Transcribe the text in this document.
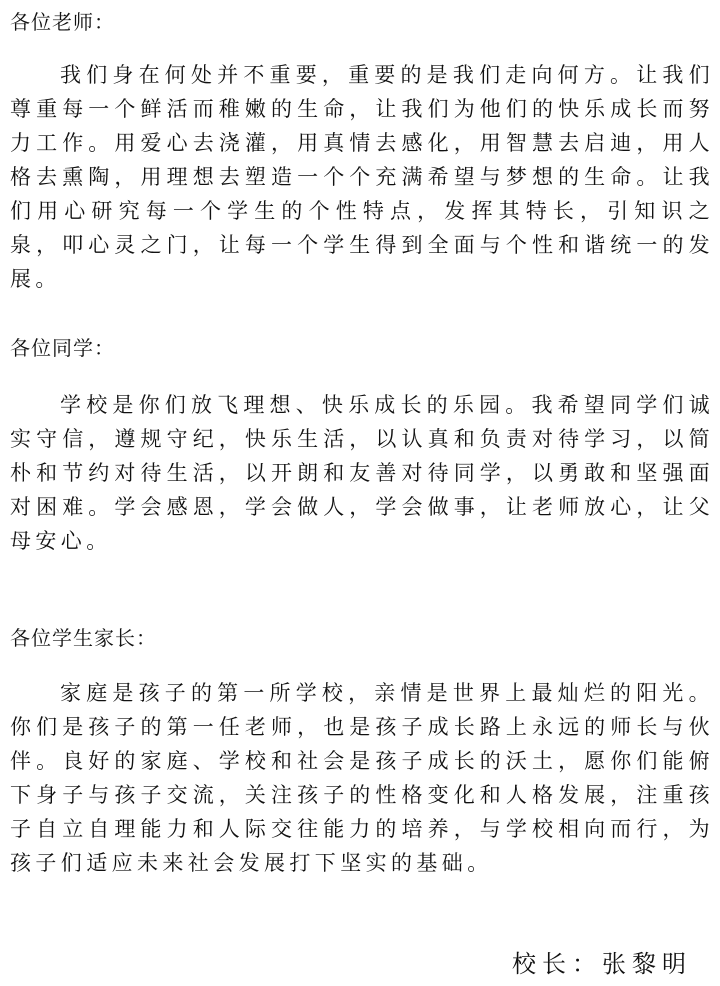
各位老师：

我们身在何处并不重要，重要的是我们走向何方。让我们尊重每一个鲜活而稚嫩的生命，让我们为他们的快乐成长而努力工作。用爱心去浇灌，用真情去感化，用智慧去启迪，用人格去熏陶，用理想去塑造一个个充满希望与梦想的生命。让我们用心研究每一个学生的个性特点，发挥其特长，引知识之泉，叩心灵之门，让每一个学生得到全面与个性和谐统一的发展。

各位同学：

学校是你们放飞理想、快乐成长的乐园。我希望同学们诚实守信，遵规守纪，快乐生活，以认真和负责对待学习，以简朴和节约对待生活，以开朗和友善对待同学，以勇敢和坚强面对困难。学会感恩，学会做人，学会做事，让老师放心，让父母安心。

各位学生家长：

家庭是孩子的第一所学校，亲情是世界上最灿烂的阳光。你们是孩子的第一任老师，也是孩子成长路上永远的师长与伙伴。良好的家庭、学校和社会是孩子成长的沃土，愿你们能俯下身子与孩子交流，关注孩子的性格变化和人格发展，注重孩子自立自理能力和人际交往能力的培养，与学校相向而行，为孩子们适应未来社会发展打下坚实的基础。

校长：张黎明
